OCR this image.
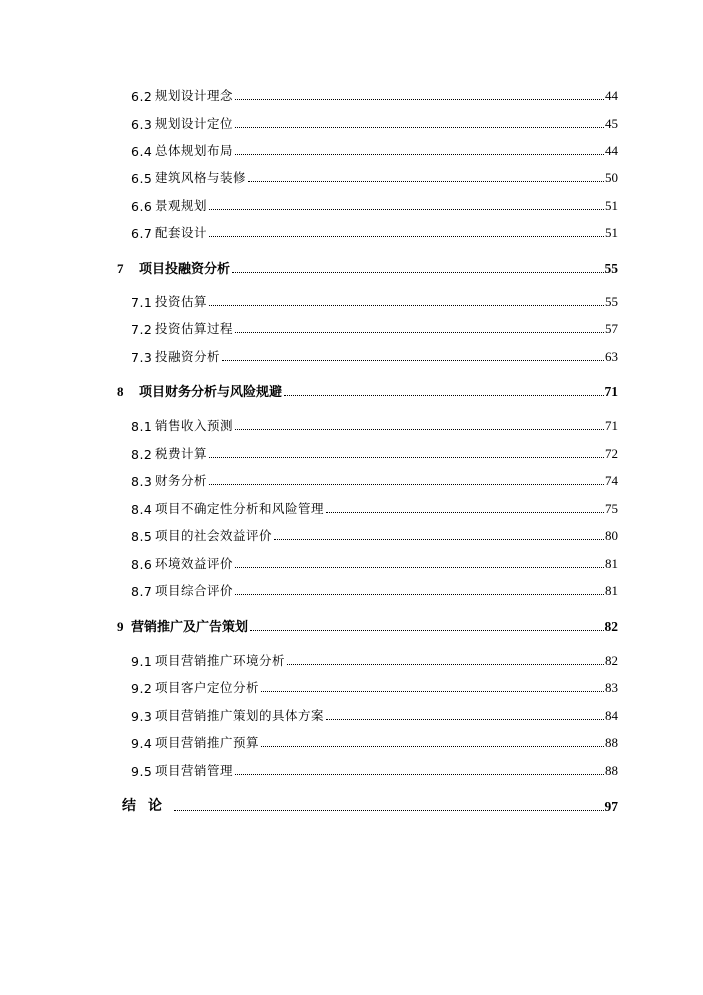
6.2 规划设计理念	44
6.3 规划设计定位	45
6.4 总体规划布局	44
6.5 建筑风格与装修	50
6.6 景观规划	51
6.7 配套设计	51
7	项目投融资分析	55
7.1 投资估算	55
7.2 投资估算过程	57
7.3 投融资分析	63
8	项目财务分析与风险规避	71
8.1 销售收入预测	71
8.2 税费计算	72
8.3 财务分析	74
8.4 项目不确定性分析和风险管理	75
8.5 项目的社会效益评价	80
8.6 环境效益评价	81
8.7 项目综合评价	81
9 营销推广及广告策划	82
9.1 项目营销推广环境分析	82
9.2 项目客户定位分析	83
9.3 项目营销推广策划的具体方案	84
9.4 项目营销推广预算	88
9.5 项目营销管理	88
结论	97
